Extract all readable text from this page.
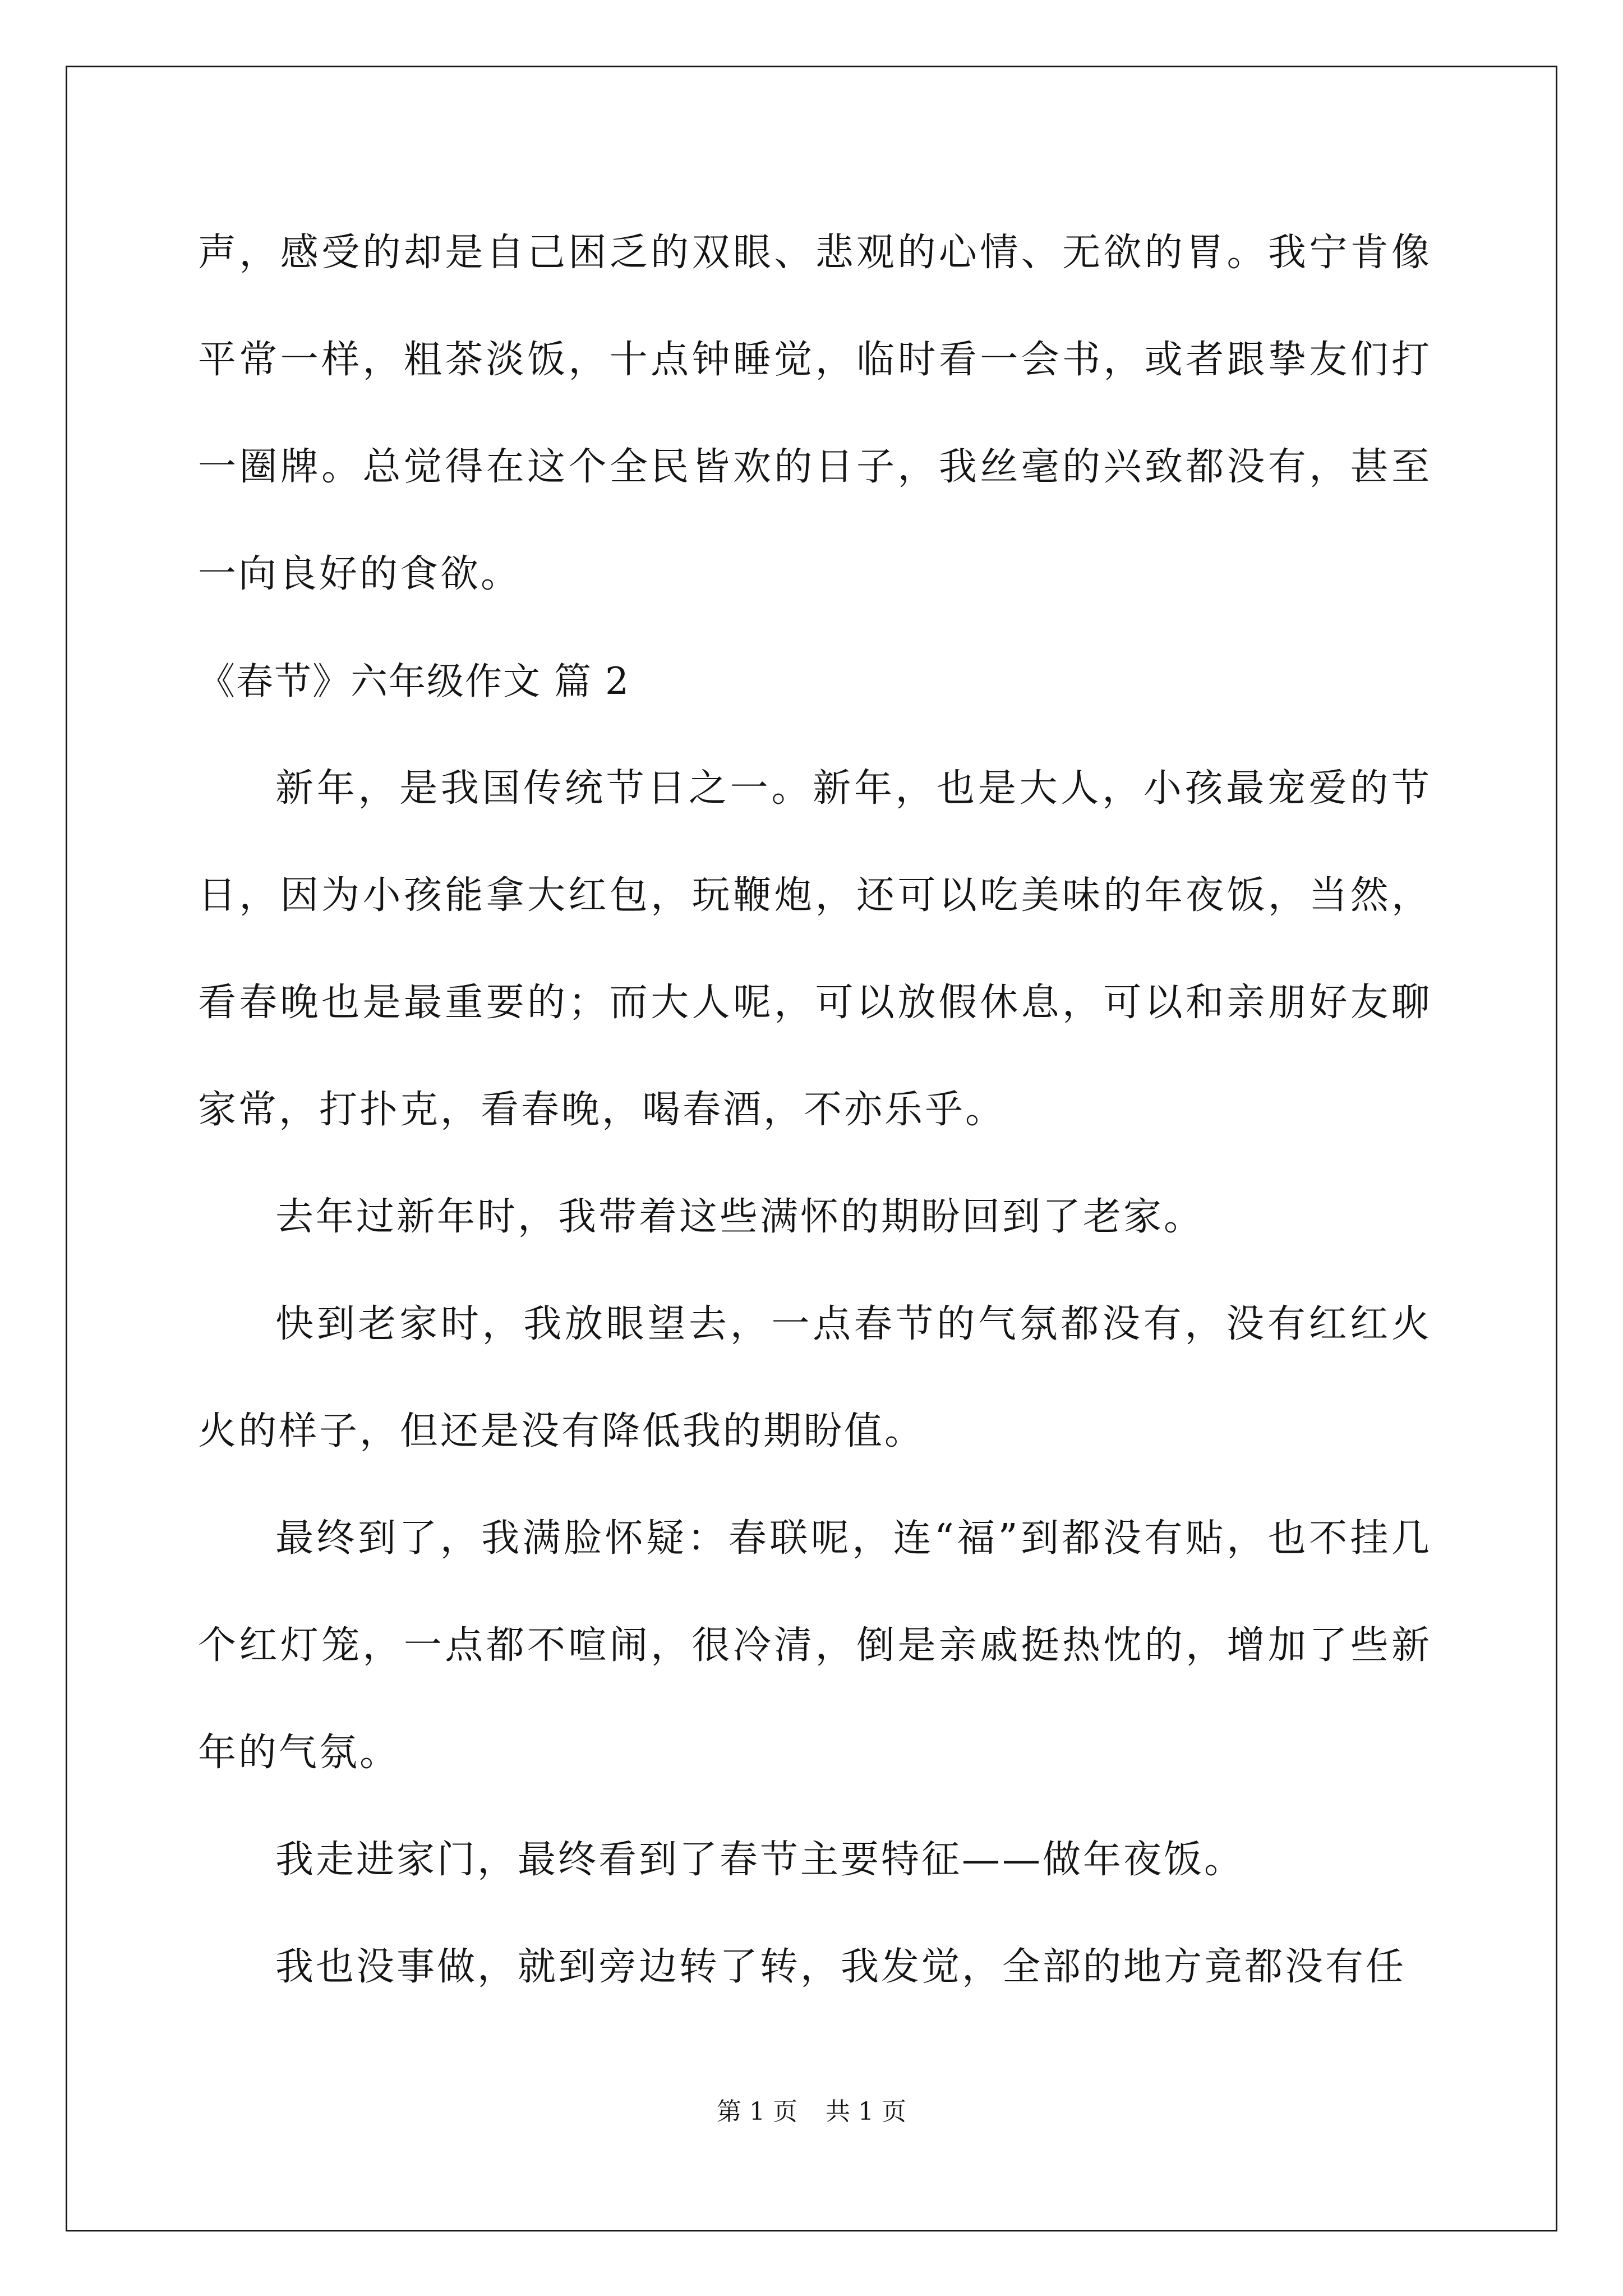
声，感受的却是自己困乏的双眼、悲观的心情、无欲的胃。我宁肯像平常一样，粗茶淡饭，十点钟睡觉，临时看一会书，或者跟挚友们打一圈牌。总觉得在这个全民皆欢的日子，我丝毫的兴致都没有，甚至一向良好的食欲。

《春节》六年级作文 篇 2

新年，是我国传统节日之一。新年，也是大人，小孩最宠爱的节日，因为小孩能拿大红包，玩鞭炮，还可以吃美味的年夜饭，当然，看春晚也是最重要的；而大人呢，可以放假休息，可以和亲朋好友聊家常，打扑克，看春晚，喝春酒，不亦乐乎。

去年过新年时，我带着这些满怀的期盼回到了老家。

快到老家时，我放眼望去，一点春节的气氛都没有，没有红红火火的样子，但还是没有降低我的期盼值。

最终到了，我满脸怀疑：春联呢，连“福”到都没有贴，也不挂几个红灯笼，一点都不喧闹，很冷清，倒是亲戚挺热忱的，增加了些新年的气氛。

我走进家门，最终看到了春节主要特征——做年夜饭。

我也没事做，就到旁边转了转，我发觉，全部的地方竟都没有任

第 1 页 共 1 页
